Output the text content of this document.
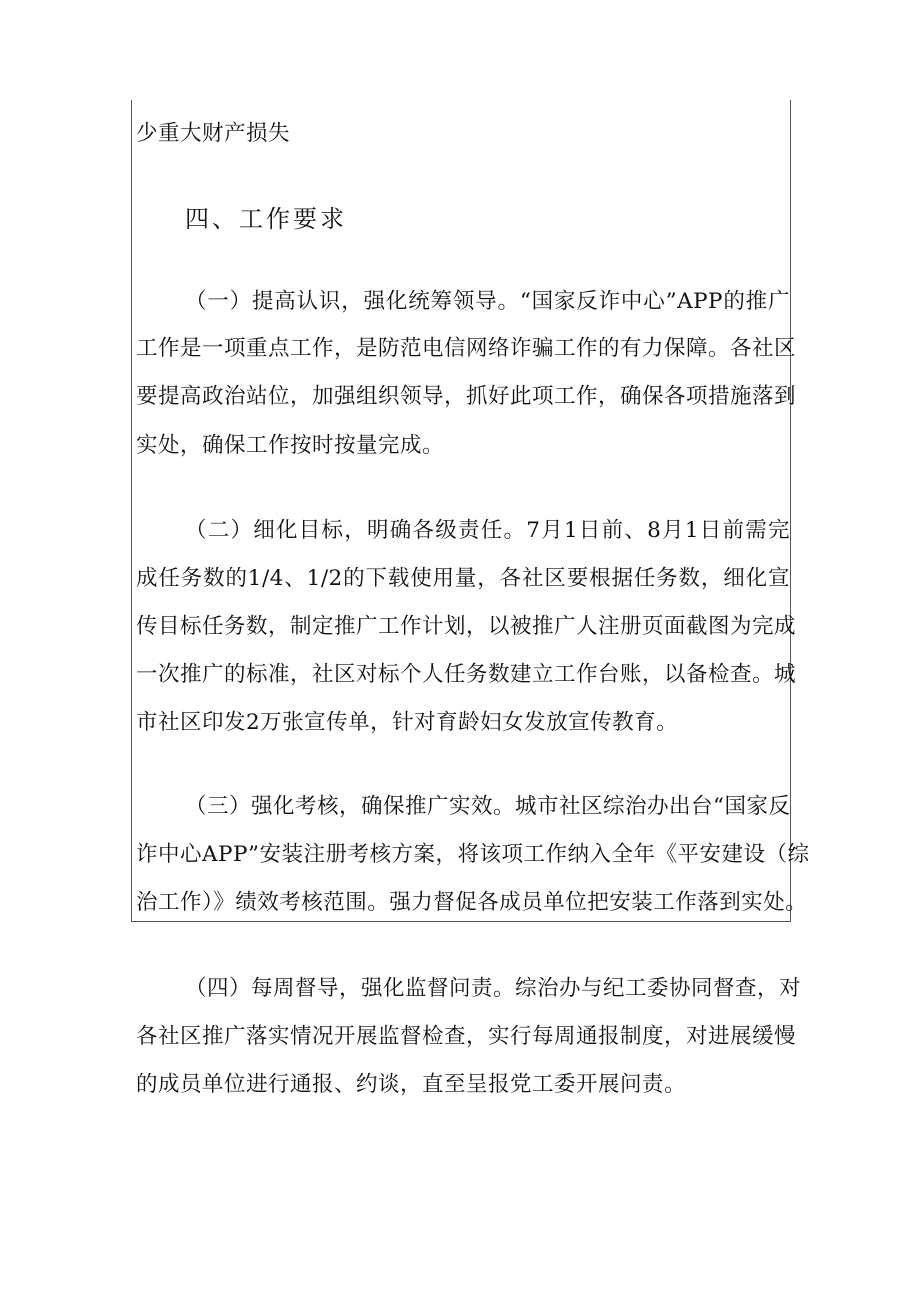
少重大财产损失
四、工作要求
（一）提高认识，强化统筹领导。“国家反诈中心”APP的推广
工作是一项重点工作，是防范电信网络诈骗工作的有力保障。各社区
要提高政治站位，加强组织领导，抓好此项工作，确保各项措施落到
实处，确保工作按时按量完成。
（二）细化目标，明确各级责任。7月1日前、8月1日前需完
成任务数的1/4、1/2的下载使用量，各社区要根据任务数，细化宣
传目标任务数，制定推广工作计划，以被推广人注册页面截图为完成
一次推广的标准，社区对标个人任务数建立工作台账，以备检查。城
市社区印发2万张宣传单，针对育龄妇女发放宣传教育。
（三）强化考核，确保推广实效。城市社区综治办出台“国家反
诈中心APP”安装注册考核方案，将该项工作纳入全年《平安建设（综
治工作）》绩效考核范围。强力督促各成员单位把安装工作落到实处。
（四）每周督导，强化监督问责。综治办与纪工委协同督查，对
各社区推广落实情况开展监督检查，实行每周通报制度，对进展缓慢
的成员单位进行通报、约谈，直至呈报党工委开展问责。
